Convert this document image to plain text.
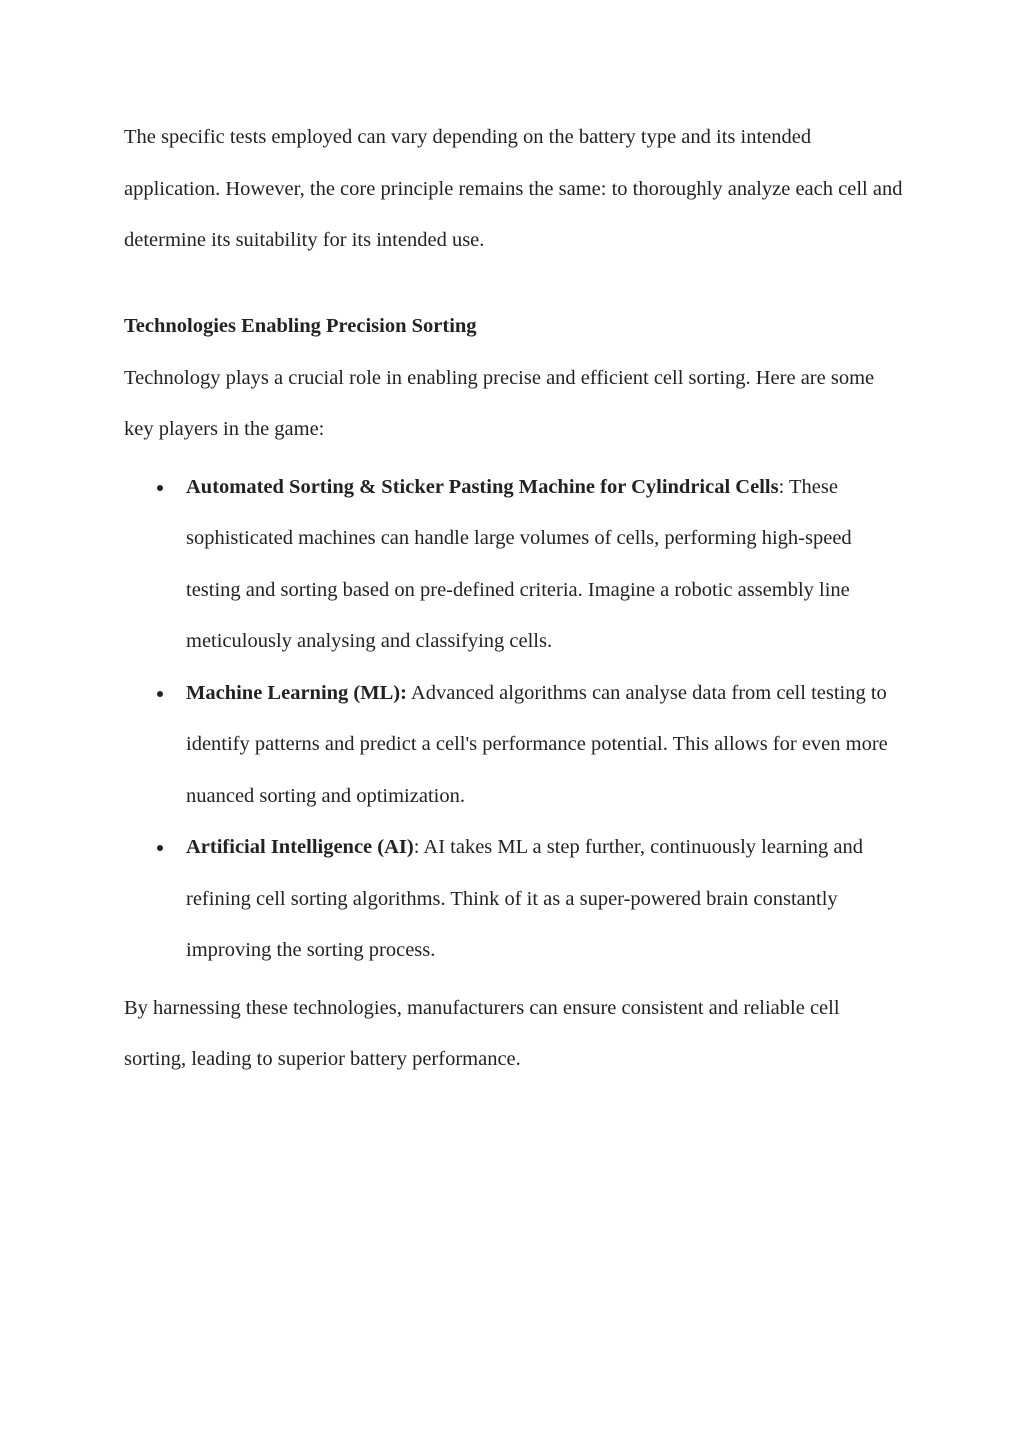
The specific tests employed can vary depending on the battery type and its intended application. However, the core principle remains the same: to thoroughly analyze each cell and determine its suitability for its intended use.

Technologies Enabling Precision Sorting

Technology plays a crucial role in enabling precise and efficient cell sorting. Here are some key players in the game:

Automated Sorting & Sticker Pasting Machine for Cylindrical Cells: These sophisticated machines can handle large volumes of cells, performing high-speed testing and sorting based on pre-defined criteria. Imagine a robotic assembly line meticulously analysing and classifying cells.
Machine Learning (ML): Advanced algorithms can analyse data from cell testing to identify patterns and predict a cell's performance potential. This allows for even more nuanced sorting and optimization.
Artificial Intelligence (AI): AI takes ML a step further, continuously learning and refining cell sorting algorithms. Think of it as a super-powered brain constantly improving the sorting process.

By harnessing these technologies, manufacturers can ensure consistent and reliable cell sorting, leading to superior battery performance.
